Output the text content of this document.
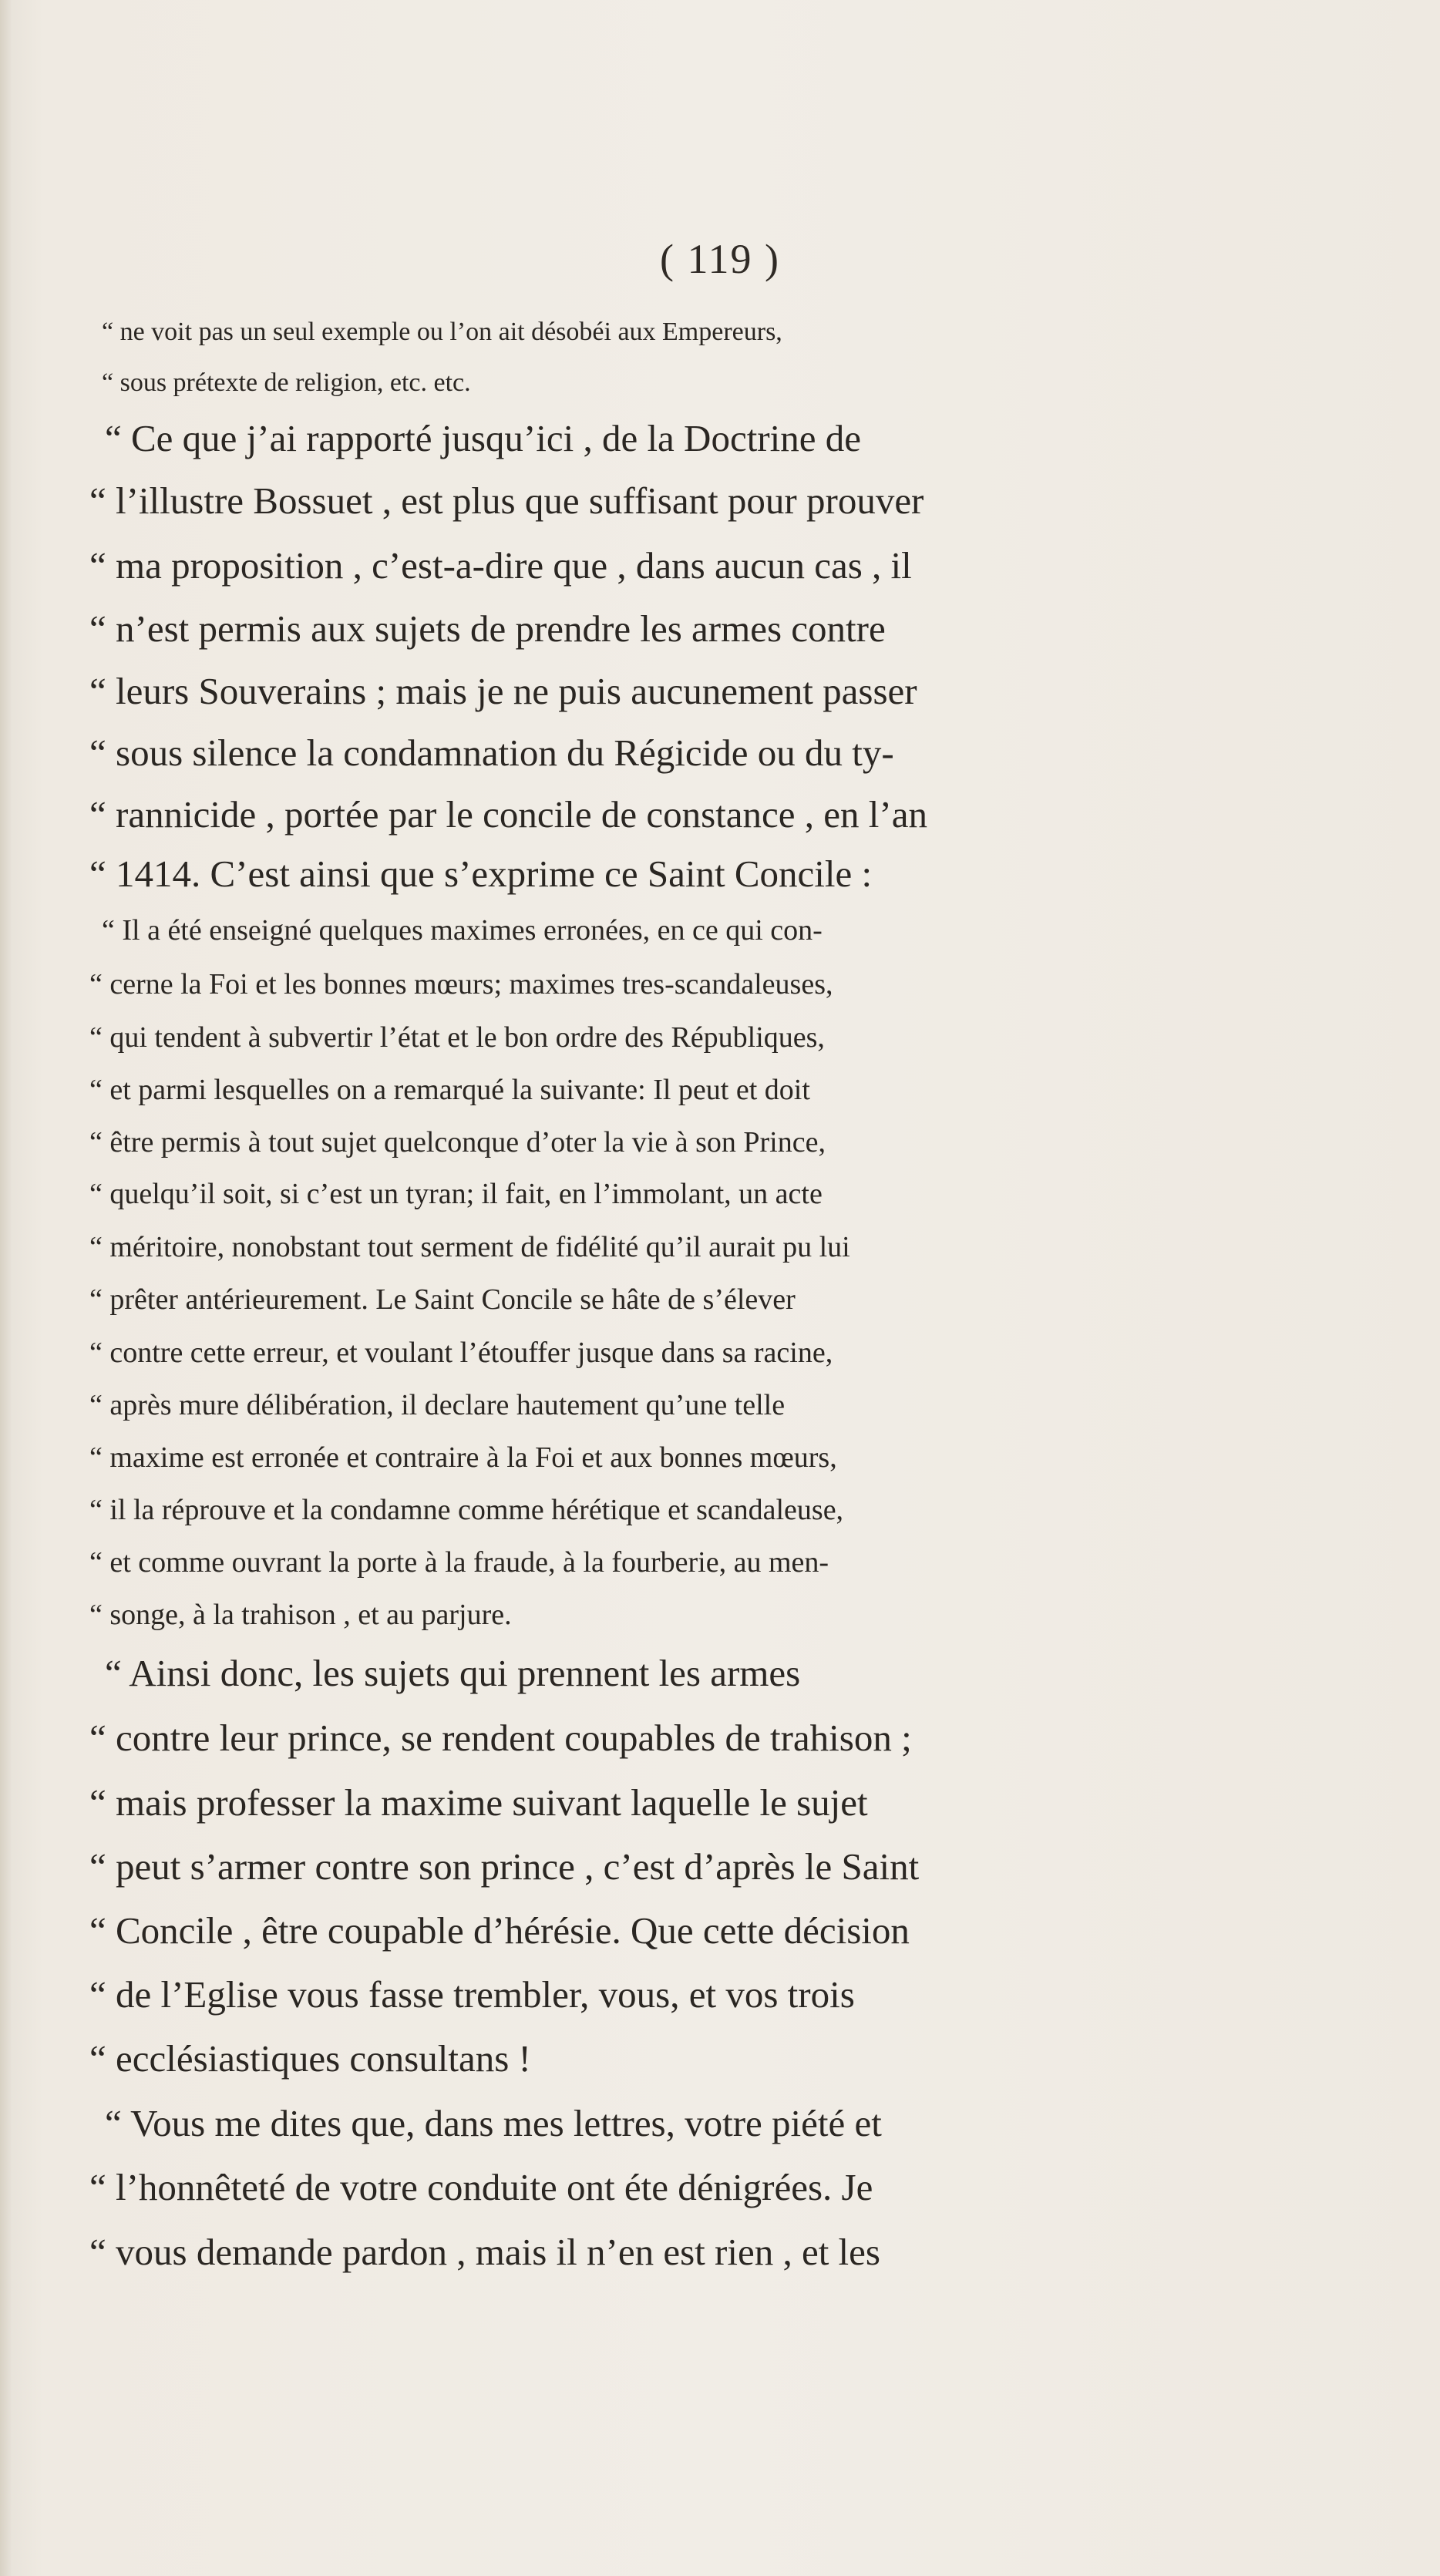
( 119 )
“ ne voit pas un seul exemple ou l’on ait désobéi aux Empereurs,
“ sous prétexte de religion, etc. etc.
“ Ce que j’ai rapporté jusqu’ici , de la Doctrine de
“ l’illustre Bossuet , est plus que suffisant pour prouver
“ ma proposition , c’est-a-dire que , dans aucun cas , il
“ n’est permis aux sujets de prendre les armes contre
“ leurs Souverains ; mais je ne puis aucunement passer
“ sous silence la condamnation du Régicide ou du ty-
“ rannicide , portée par le concile de constance , en l’an
“ 1414. C’est ainsi que s’exprime ce Saint Concile :
“ Il a été enseigné quelques maximes erronées, en ce qui con-
“ cerne la Foi et les bonnes mœurs; maximes tres-scandaleuses,
“ qui tendent à subvertir l’état et le bon ordre des Républiques,
“ et parmi lesquelles on a remarqué la suivante: Il peut et doit
“ être permis à tout sujet quelconque d’oter la vie à son Prince,
“ quelqu’il soit, si c’est un tyran; il fait, en l’immolant, un acte
“ méritoire, nonobstant tout serment de fidélité qu’il aurait pu lui
“ prêter antérieurement. Le Saint Concile se hâte de s’élever
“ contre cette erreur, et voulant l’étouffer jusque dans sa racine,
“ après mure délibération, il declare hautement qu’une telle
“ maxime est erronée et contraire à la Foi et aux bonnes mœurs,
“ il la réprouve et la condamne comme hérétique et scandaleuse,
“ et comme ouvrant la porte à la fraude, à la fourberie, au men-
“ songe, à la trahison , et au parjure.
“ Ainsi donc, les sujets qui prennent les armes
“ contre leur prince, se rendent coupables de trahison ;
“ mais professer la maxime suivant laquelle le sujet
“ peut s’armer contre son prince , c’est d’après le Saint
“ Concile , être coupable d’hérésie. Que cette décision
“ de l’Eglise vous fasse trembler, vous, et vos trois
“ ecclésiastiques consultans !
“ Vous me dites que, dans mes lettres, votre piété et
“ l’honnêteté de votre conduite ont éte dénigrées. Je
“ vous demande pardon , mais il n’en est rien , et les
